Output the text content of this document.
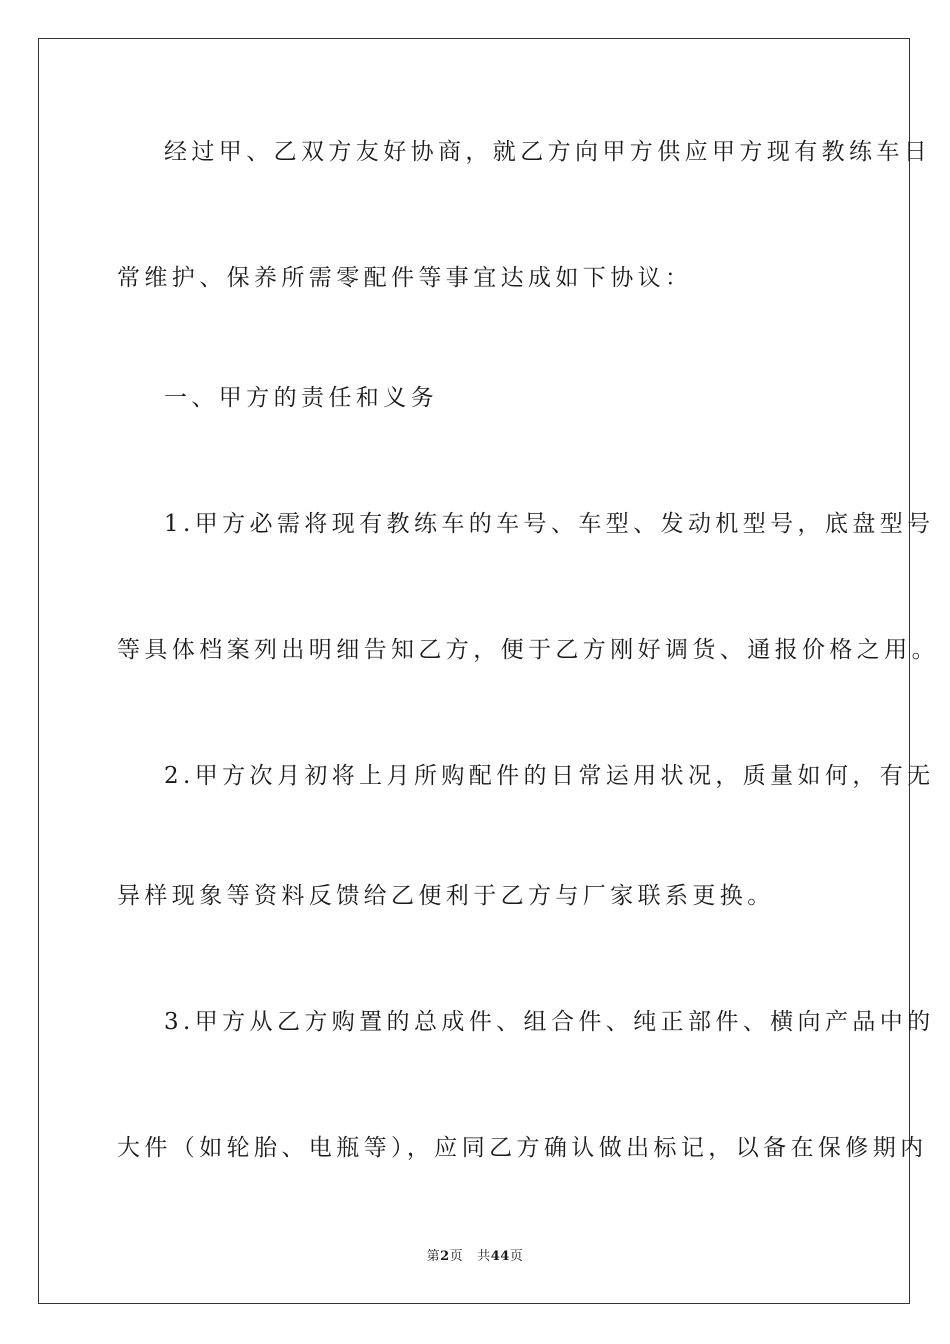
经过甲、乙双方友好协商，就乙方向甲方供应甲方现有教练车日
常维护、保养所需零配件等事宜达成如下协议：
一、甲方的责任和义务
1.甲方必需将现有教练车的车号、车型、发动机型号，底盘型号
等具体档案列出明细告知乙方，便于乙方刚好调货、通报价格之用。
2.甲方次月初将上月所购配件的日常运用状况，质量如何，有无
异样现象等资料反馈给乙便利于乙方与厂家联系更换。
3.甲方从乙方购置的总成件、组合件、纯正部件、横向产品中的
大件（如轮胎、电瓶等），应同乙方确认做出标记，以备在保修期内
第2页 共44页
